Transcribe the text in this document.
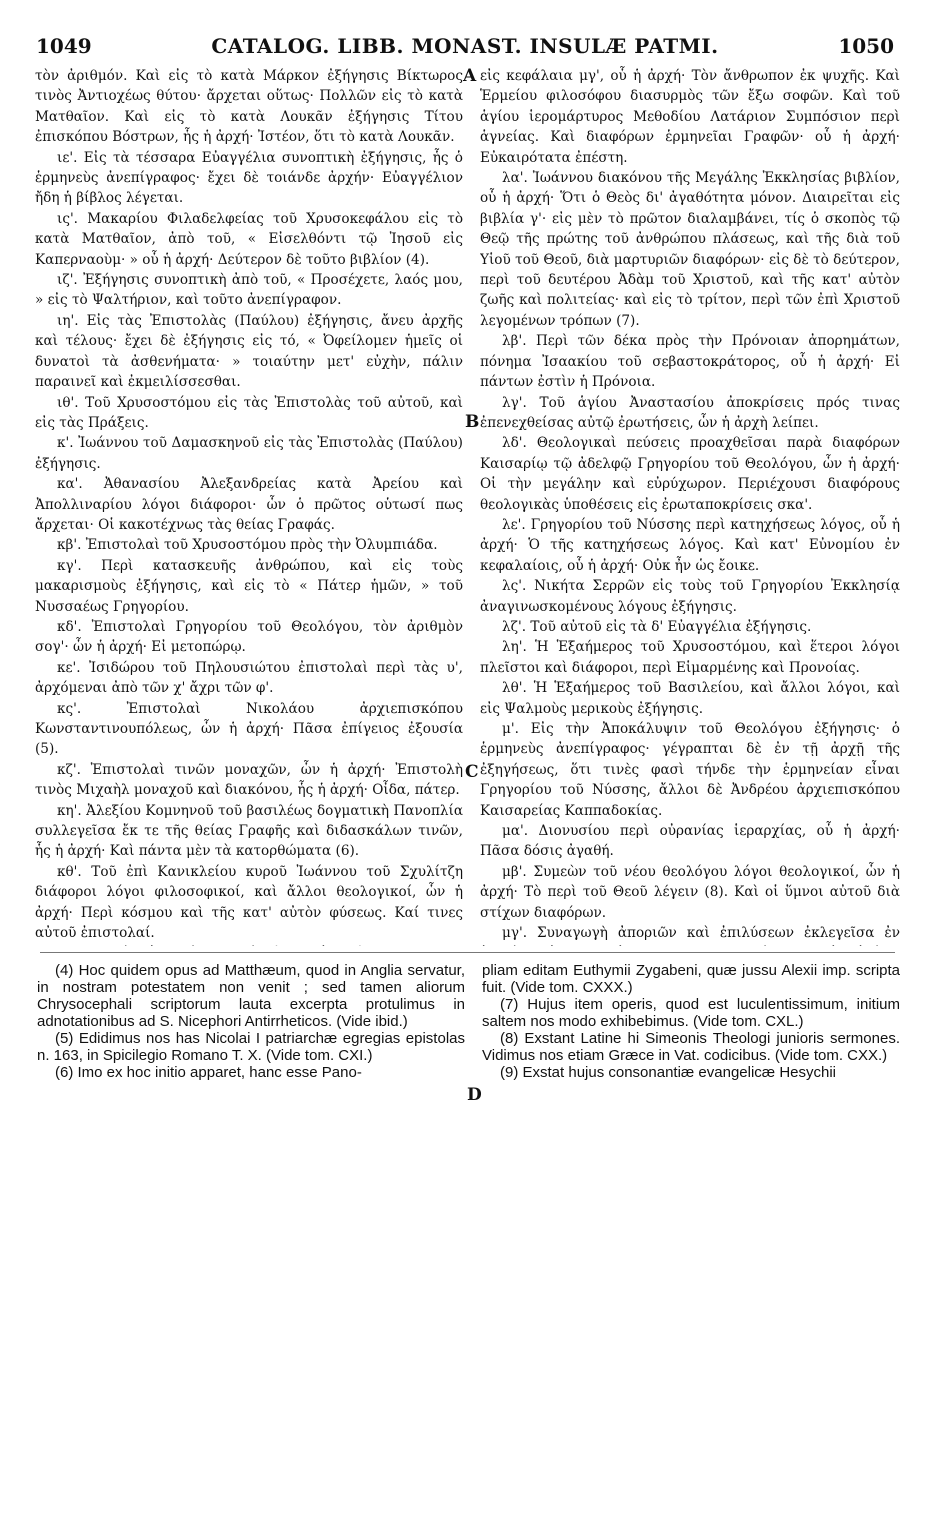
1049	CATALOG. LIBB. MONAST. INSULÆ PATMI.	1050

τὸν ἀριθμόν. Καὶ εἰς τὸ κατὰ Μάρκον ἐξήγησις Βίκτωρος τινὸς Ἀντιοχέως θύτου· ἄρχεται οὕτως· Πολλῶν εἰς τὸ κατὰ Ματθαῖον. Καὶ εἰς τὸ κατὰ Λουκᾶν ἐξήγησις Τίτου ἐπισκόπου Βόστρων, ἧς ἡ ἀρχή· Ἰστέον, ὅτι τὸ κατὰ Λουκᾶν.

ιε'. Εἰς τὰ τέσσαρα Εὐαγγέλια συνοπτικὴ ἐξήγησις, ἧς ὁ ἑρμηνεὺς ἀνεπίγραφος· ἔχει δὲ τοιάνδε ἀρχήν· Εὐαγγέλιον ἤδη ἡ βίβλος λέγεται.

ις'. Μακαρίου Φιλαδελφείας τοῦ Χρυσοκεφάλου εἰς τὸ κατὰ Ματθαῖον, ἀπὸ τοῦ, « Εἰσελθόντι τῷ Ἰησοῦ εἰς Καπερναοὺμ· » οὗ ἡ ἀρχή· Δεύτερον δὲ τοῦτο βιβλίον (4).

ιζ'. Ἐξήγησις συνοπτικὴ ἀπὸ τοῦ, « Προσέχετε, λαός μου, » εἰς τὸ Ψαλτήριον, καὶ τοῦτο ἀνεπίγραφον.

ιη'. Εἰς τὰς Ἐπιστολὰς (Παύλου) ἐξήγησις, ἄνευ ἀρχῆς καὶ τέλους· ἔχει δὲ ἐξήγησις εἰς τό, « Ὀφείλομεν ἡμεῖς οἱ δυνατοὶ τὰ ἀσθενήματα· » τοιαύτην μετ' εὐχὴν, πάλιν παραινεῖ καὶ ἐκμειλίσσεσθαι.

ιθ'. Τοῦ Χρυσοστόμου εἰς τὰς Ἐπιστολὰς τοῦ αὐτοῦ, καὶ εἰς τὰς Πράξεις.

κ'. Ἰωάννου τοῦ Δαμασκηνοῦ εἰς τὰς Ἐπιστολὰς (Παύλου) ἐξήγησις.

κα'. Ἀθανασίου Ἀλεξανδρείας κατὰ Ἀρείου καὶ Ἀπολλιναρίου λόγοι διάφοροι· ὧν ὁ πρῶτος οὑτωσί πως ἄρχεται· Οἱ κακοτέχνως τὰς θείας Γραφάς.

κβ'. Ἐπιστολαὶ τοῦ Χρυσοστόμου πρὸς τὴν Ὀλυμπιάδα.

κγ'. Περὶ κατασκευῆς ἀνθρώπου, καὶ εἰς τοὺς μακαρισμοὺς ἐξήγησις, καὶ εἰς τὸ « Πάτερ ἡμῶν, » τοῦ Νυσσαέως Γρηγορίου.

κδ'. Ἐπιστολαὶ Γρηγορίου τοῦ Θεολόγου, τὸν ἀριθμὸν σογ'· ὧν ἡ ἀρχή· Εἰ μετοπώρῳ.

κε'. Ἰσιδώρου τοῦ Πηλουσιώτου ἐπιστολαὶ περὶ τὰς υ', ἀρχόμεναι ἀπὸ τῶν χ' ἄχρι τῶν φ'.

κς'. Ἐπιστολαὶ Νικολάου ἀρχιεπισκόπου Κωνσταντινουπόλεως, ὧν ἡ ἀρχή· Πᾶσα ἐπίγειος ἐξουσία (5).

κζ'. Ἐπιστολαὶ τινῶν μοναχῶν, ὧν ἡ ἀρχή· Ἐπιστολὴ τινὸς Μιχαὴλ μοναχοῦ καὶ διακόνου, ἧς ἡ ἀρχή· Οἶδα, πάτερ.

κη'. Ἀλεξίου Κομνηνοῦ τοῦ βασιλέως δογματικὴ Πανοπλία συλλεγεῖσα ἔκ τε τῆς θείας Γραφῆς καὶ διδασκάλων τινῶν, ἧς ἡ ἀρχή· Καὶ πάντα μὲν τὰ κατορθώματα (6).

κθ'. Τοῦ ἐπὶ Κανικλείου κυροῦ Ἰωάννου τοῦ Σχυλίτζη διάφοροι λόγοι φιλοσοφικοί, καὶ ἄλλοι θεολογικοί, ὧν ἡ ἀρχή· Περὶ κόσμου καὶ τῆς κατ' αὐτὸν φύσεως. Καί τινες αὐτοῦ ἐπιστολαί.

A
B
C
D

εἰς κεφάλαια μγ', οὗ ἡ ἀρχή· Τὸν ἄνθρωπον ἐκ ψυχῆς. Καὶ Ἑρμείου φιλοσόφου διασυρμὸς τῶν ἔξω σοφῶν. Καὶ τοῦ ἁγίου ἱερομάρτυρος Μεθοδίου Λατάριον Συμπόσιον περὶ ἁγνείας. Καὶ διαφόρων ἑρμηνεῖαι Γραφῶν· οὗ ἡ ἀρχή· Εὐκαιρότατα ἐπέστη.

λα'. Ἰωάννου διακόνου τῆς Μεγάλης Ἐκκλησίας βιβλίον, οὗ ἡ ἀρχή· Ὅτι ὁ Θεὸς δι' ἀγαθότητα μόνον. Διαιρεῖται εἰς βιβλία γ'· εἰς μὲν τὸ πρῶτον διαλαμβάνει, τίς ὁ σκοπὸς τῷ Θεῷ τῆς πρώτης τοῦ ἀνθρώπου πλάσεως, καὶ τῆς διὰ τοῦ Υἱοῦ τοῦ Θεοῦ, διὰ μαρτυριῶν διαφόρων· εἰς δὲ τὸ δεύτερον, περὶ τοῦ δευτέρου Ἀδὰμ τοῦ Χριστοῦ, καὶ τῆς κατ' αὐτὸν ζωῆς καὶ πολιτείας· καὶ εἰς τὸ τρίτον, περὶ τῶν ἐπὶ Χριστοῦ λεγομένων τρόπων (7).

λβ'. Περὶ τῶν δέκα πρὸς τὴν Πρόνοιαν ἀπορημάτων, πόνημα Ἰσαακίου τοῦ σεβαστοκράτορος, οὗ ἡ ἀρχή· Εἰ πάντων ἐστὶν ἡ Πρόνοια.

λγ'. Τοῦ ἁγίου Ἀναστασίου ἀποκρίσεις πρός τινας ἐπενεχθείσας αὐτῷ ἐρωτήσεις, ὧν ἡ ἀρχὴ λείπει.

λδ'. Θεολογικαὶ πεύσεις προαχθεῖσαι παρὰ διαφόρων Καισαρίῳ τῷ ἀδελφῷ Γρηγορίου τοῦ Θεολόγου, ὧν ἡ ἀρχή· Οἱ τὴν μεγάλην καὶ εὐρύχωρον. Περιέχουσι διαφόρους θεολογικὰς ὑποθέσεις εἰς ἐρωταποκρίσεις σκα'.

λε'. Γρηγορίου τοῦ Νύσσης περὶ κατηχήσεως λόγος, οὗ ἡ ἀρχή· Ὁ τῆς κατηχήσεως λόγος. Καὶ κατ' Εὐνομίου ἐν κεφαλαίοις, οὗ ἡ ἀρχή· Οὐκ ἦν ὡς ἔοικε.

λς'. Νικήτα Σερρῶν εἰς τοὺς τοῦ Γρηγορίου Ἐκκλησίᾳ ἀναγινωσκομένους λόγους ἐξήγησις.

λζ'. Τοῦ αὐτοῦ εἰς τὰ δ' Εὐαγγέλια ἐξήγησις.

λη'. Ἡ Ἑξαήμερος τοῦ Χρυσοστόμου, καὶ ἕτεροι λόγοι πλεῖστοι καὶ διάφοροι, περὶ Εἱμαρμένης καὶ Προνοίας.

λθ'. Ἡ Ἑξαήμερος τοῦ Βασιλείου, καὶ ἄλλοι λόγοι, καὶ εἰς Ψαλμοὺς μερικοὺς ἐξήγησις.

μ'. Εἰς τὴν Ἀποκάλυψιν τοῦ Θεολόγου ἐξήγησις· ὁ ἑρμηνεὺς ἀνεπίγραφος· γέγραπται δὲ ἐν τῇ ἀρχῇ τῆς ἐξηγήσεως, ὅτι τινὲς φασὶ τήνδε τὴν ἑρμηνείαν εἶναι Γρηγορίου τοῦ Νύσσης, ἄλλοι δὲ Ἀνδρέου ἀρχιεπισκόπου Καισαρείας Καππαδοκίας.

μα'. Διονυσίου περὶ οὐρανίας ἱεραρχίας, οὗ ἡ ἀρχή· Πᾶσα δόσις ἀγαθή.

μβ'. Συμεὼν τοῦ νέου θεολόγου λόγοι θεολογικοί, ὧν ἡ ἀρχή· Τὸ περὶ τοῦ Θεοῦ λέγειν (8). Καὶ οἱ ὕμνοι αὐτοῦ διὰ στίχων διαφόρων.

μγ'. Συναγωγὴ ἀποριῶν καὶ ἐπιλύσεων ἐκλεγεῖσα ἐν

(4) Hoc quidem opus ad Matthæum, quod in Anglia servatur, in nostram potestatem non venit ; sed tamen aliorum Chrysocephali scriptorum lauta excerpta protulimus in adnotationibus ad S. Nicephori Antirrheticos. (Vide ibid.)

(5) Edidimus nos has Nicolai I patriarchæ egregias epistolas n. 163, in Spicilegio Romano T. X. (Vide tom. CXI.)

(6) Imo ex hoc initio apparet, hanc esse Pano-

pliam editam Euthymii Zygabeni, quæ jussu Alexii imp. scripta fuit. (Vide tom. CXXX.)

(7) Hujus item operis, quod est luculentissimum, initium saltem nos modo exhibebimus. (Vide tom. CXL.)

(8) Exstant Latine hi Simeonis Theologi junioris sermones. Vidimus nos etiam Græce in Vat. codicibus. (Vide tom. CXX.)

(9) Exstat hujus consonantiæ evangelicæ Hesychii
